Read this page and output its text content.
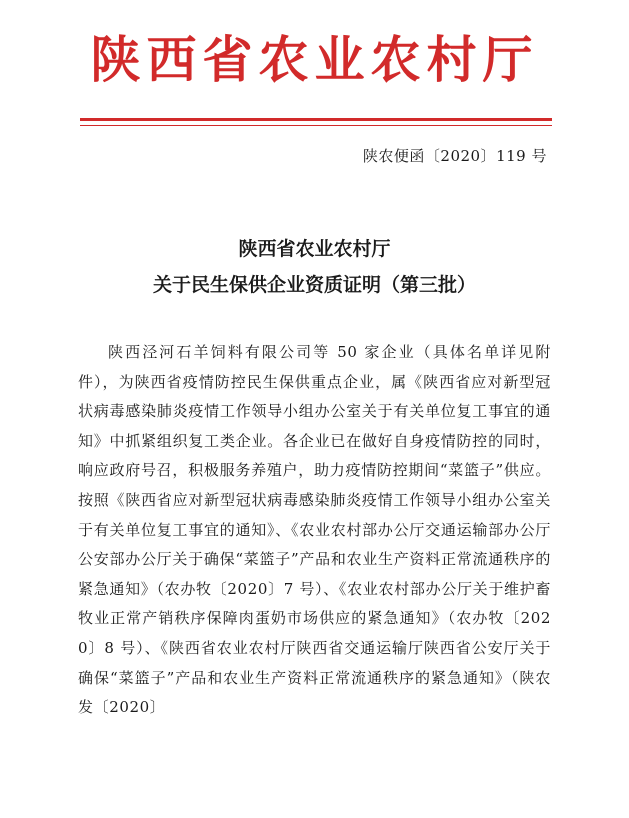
陕西省农业农村厅
陕农便函〔2020〕119 号
陕西省农业农村厅
关于民生保供企业资质证明（第三批）
陕西泾河石羊饲料有限公司等 50 家企业（具体名单详见附件），为陕西省疫情防控民生保供重点企业，属《陕西省应对新型冠状病毒感染肺炎疫情工作领导小组办公室关于有关单位复工事宜的通知》中抓紧组织复工类企业。各企业已在做好自身疫情防控的同时，响应政府号召，积极服务养殖户，助力疫情防控期间“菜篮子”供应。按照《陕西省应对新型冠状病毒感染肺炎疫情工作领导小组办公室关于有关单位复工事宜的通知》、《农业农村部办公厅交通运输部办公厅公安部办公厅关于确保“菜篮子”产品和农业生产资料正常流通秩序的紧急通知》（农办牧〔2020〕7 号）、《农业农村部办公厅关于维护畜牧业正常产销秩序保障肉蛋奶市场供应的紧急通知》（农办牧〔2020〕8 号）、《陕西省农业农村厅陕西省交通运输厅陕西省公安厅关于确保“菜篮子”产品和农业生产资料正常流通秩序的紧急通知》（陕农发〔2020〕
